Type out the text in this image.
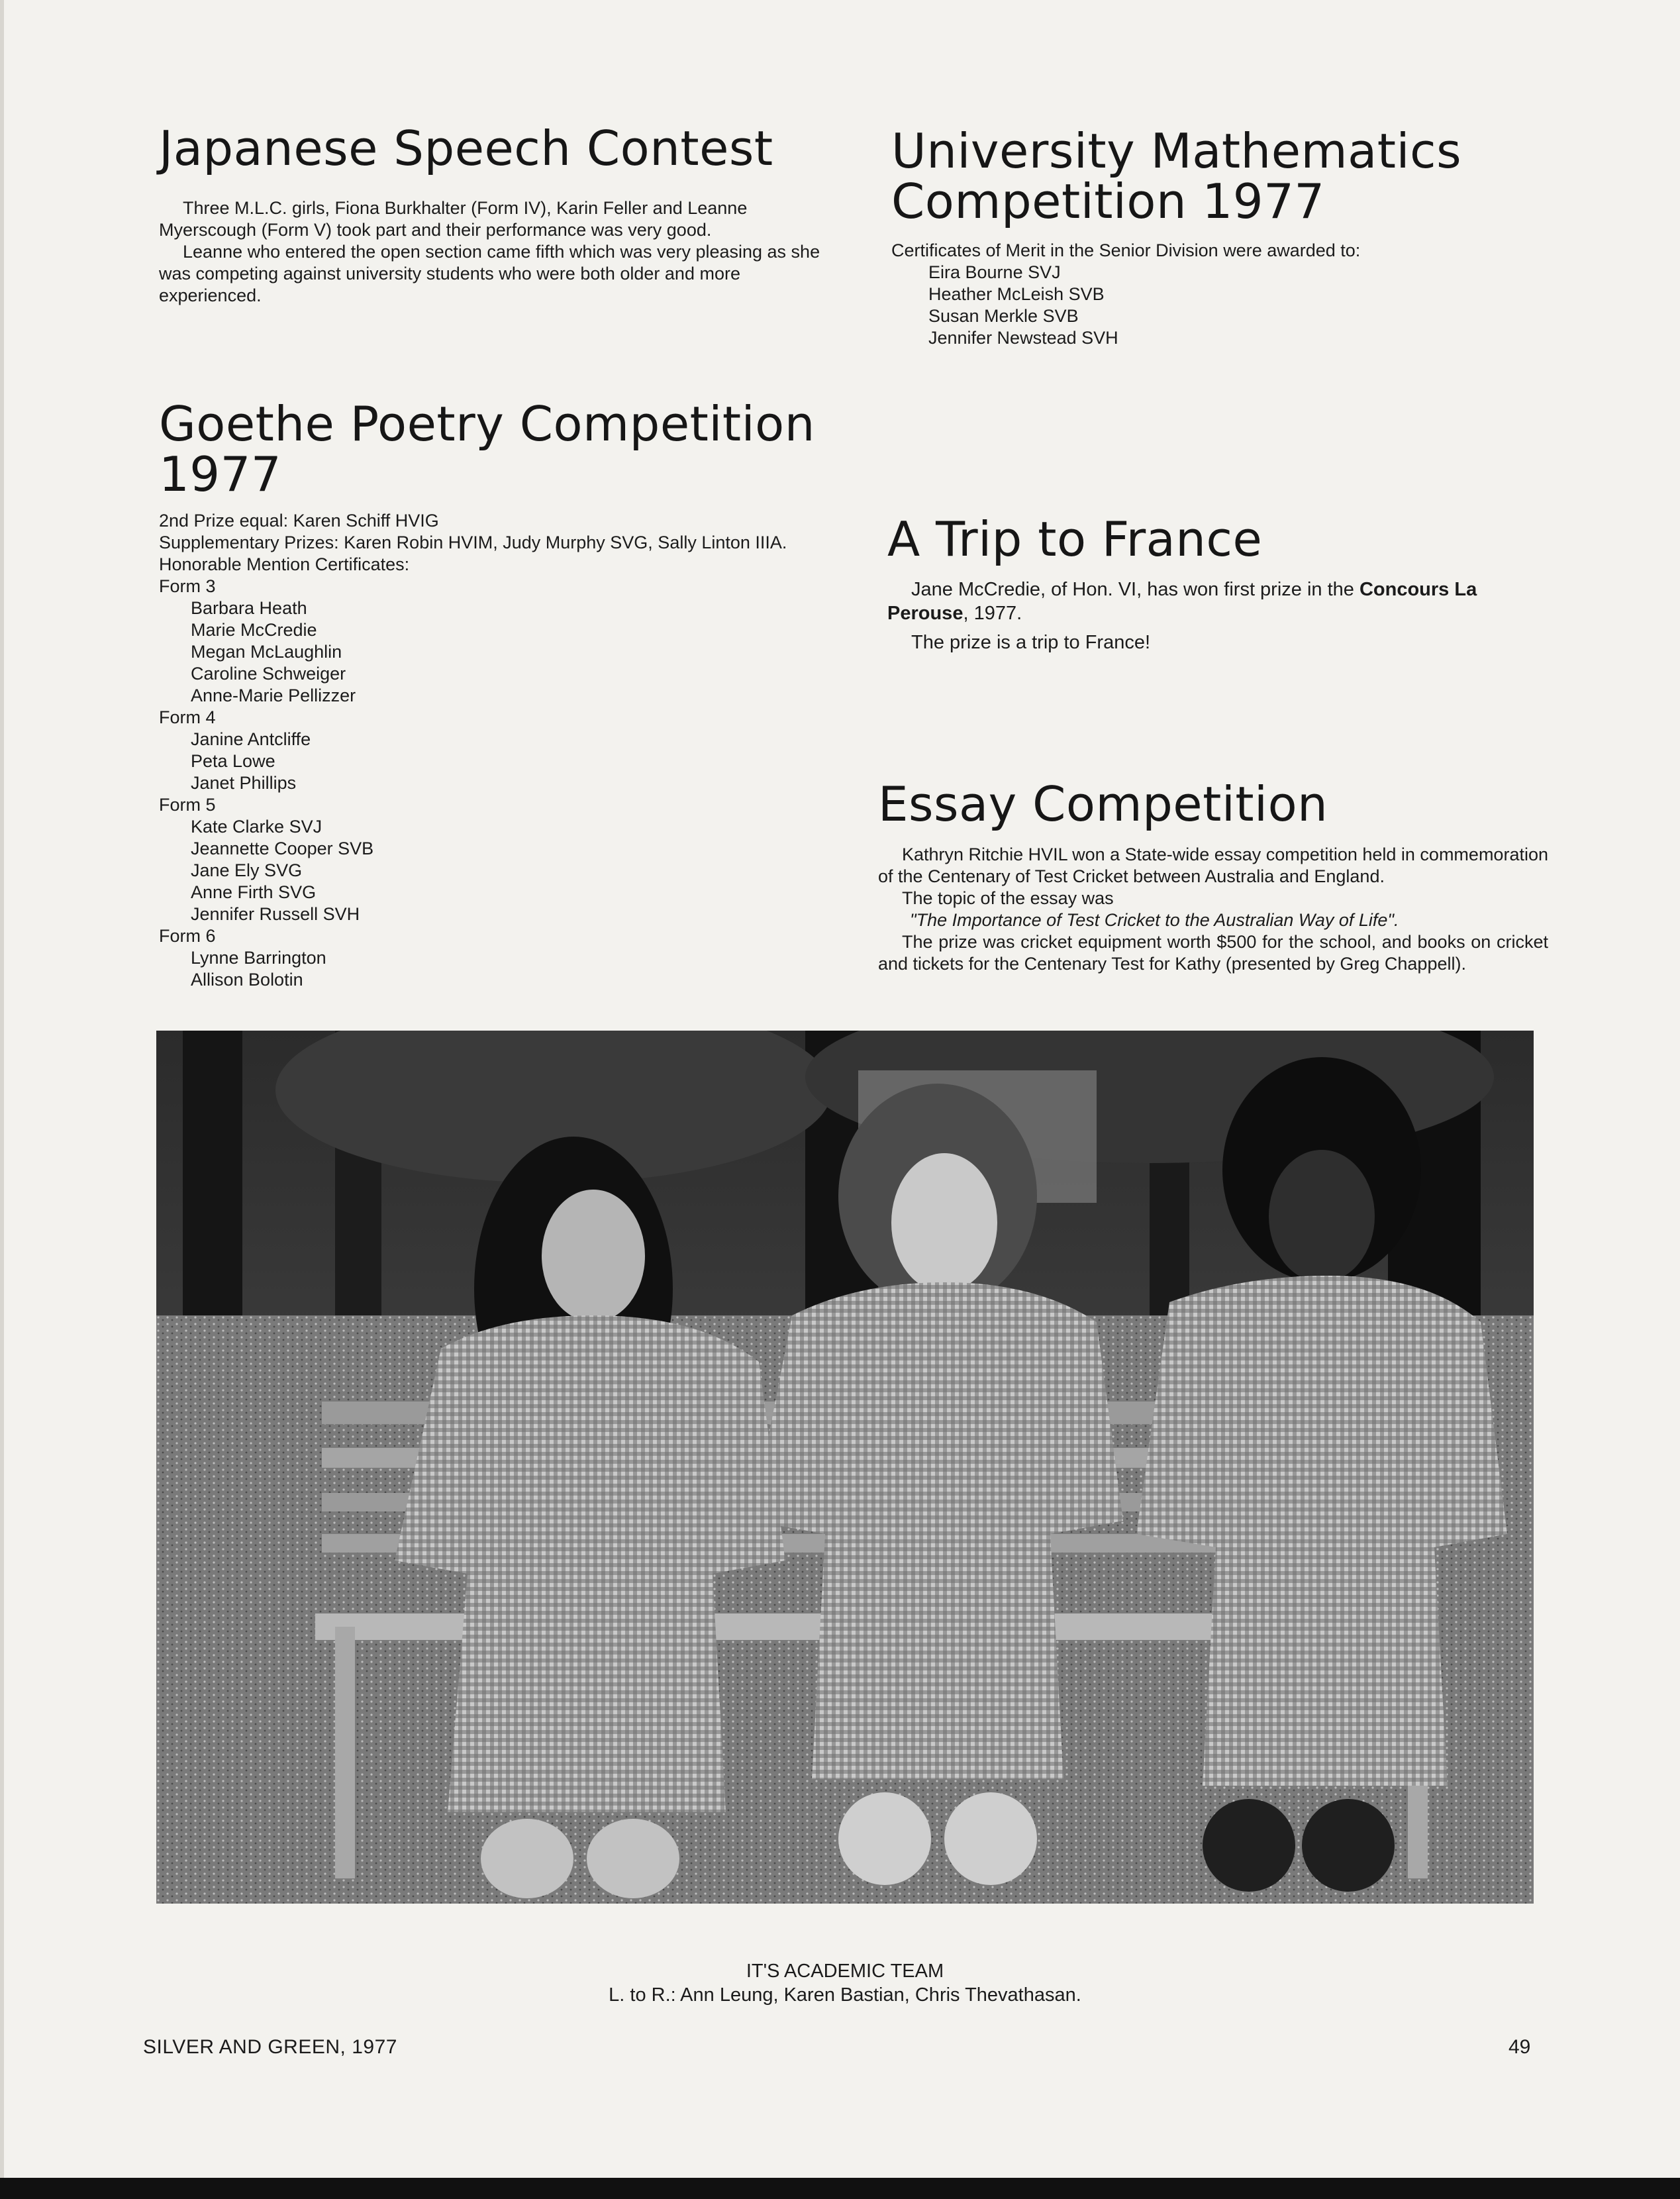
Japanese Speech Contest

Three M.L.C. girls, Fiona Burkhalter (Form IV), Karin Feller and Leanne Myerscough (Form V) took part and their performance was very good.

Leanne who entered the open section came fifth which was very pleasing as she was competing against university students who were both older and more experienced.

University Mathematics
Competition 1977

Certificates of Merit in the Senior Division were awarded to:

Eira Bourne SVJ
Heather McLeish SVB
Susan Merkle SVB
Jennifer Newstead SVH
Goethe Poetry Competition
1977

2nd Prize equal: Karen Schiff HVIG

Supplementary Prizes: Karen Robin HVIM, Judy Murphy SVG, Sally Linton IIIA.

Honorable Mention Certificates:

Form 3
Barbara Heath
Marie McCredie
Megan McLaughlin
Caroline Schweiger
Anne-Marie Pellizzer
Form 4
Janine Antcliffe
Peta Lowe
Janet Phillips
Form 5
Kate Clarke SVJ
Jeannette Cooper SVB
Jane Ely SVG
Anne Firth SVG
Jennifer Russell SVH
Form 6
Lynne Barrington
Allison Bolotin
A Trip to France

Jane McCredie, of Hon. VI, has won first prize in the Concours La Perouse, 1977.

The prize is a trip to France!

Essay Competition

Kathryn Ritchie HVIL won a State-wide essay competition held in commemoration of the Centenary of Test Cricket between Australia and England.

The topic of the essay was

"The Importance of Test Cricket to the Australian Way of Life".

The prize was cricket equipment worth $500 for the school, and books on cricket and tickets for the Centenary Test for Kathy (presented by Greg Chappell).

IT'S ACADEMIC TEAM
L. to R.: Ann Leung, Karen Bastian, Chris Thevathasan.
SILVER AND GREEN, 1977	49
